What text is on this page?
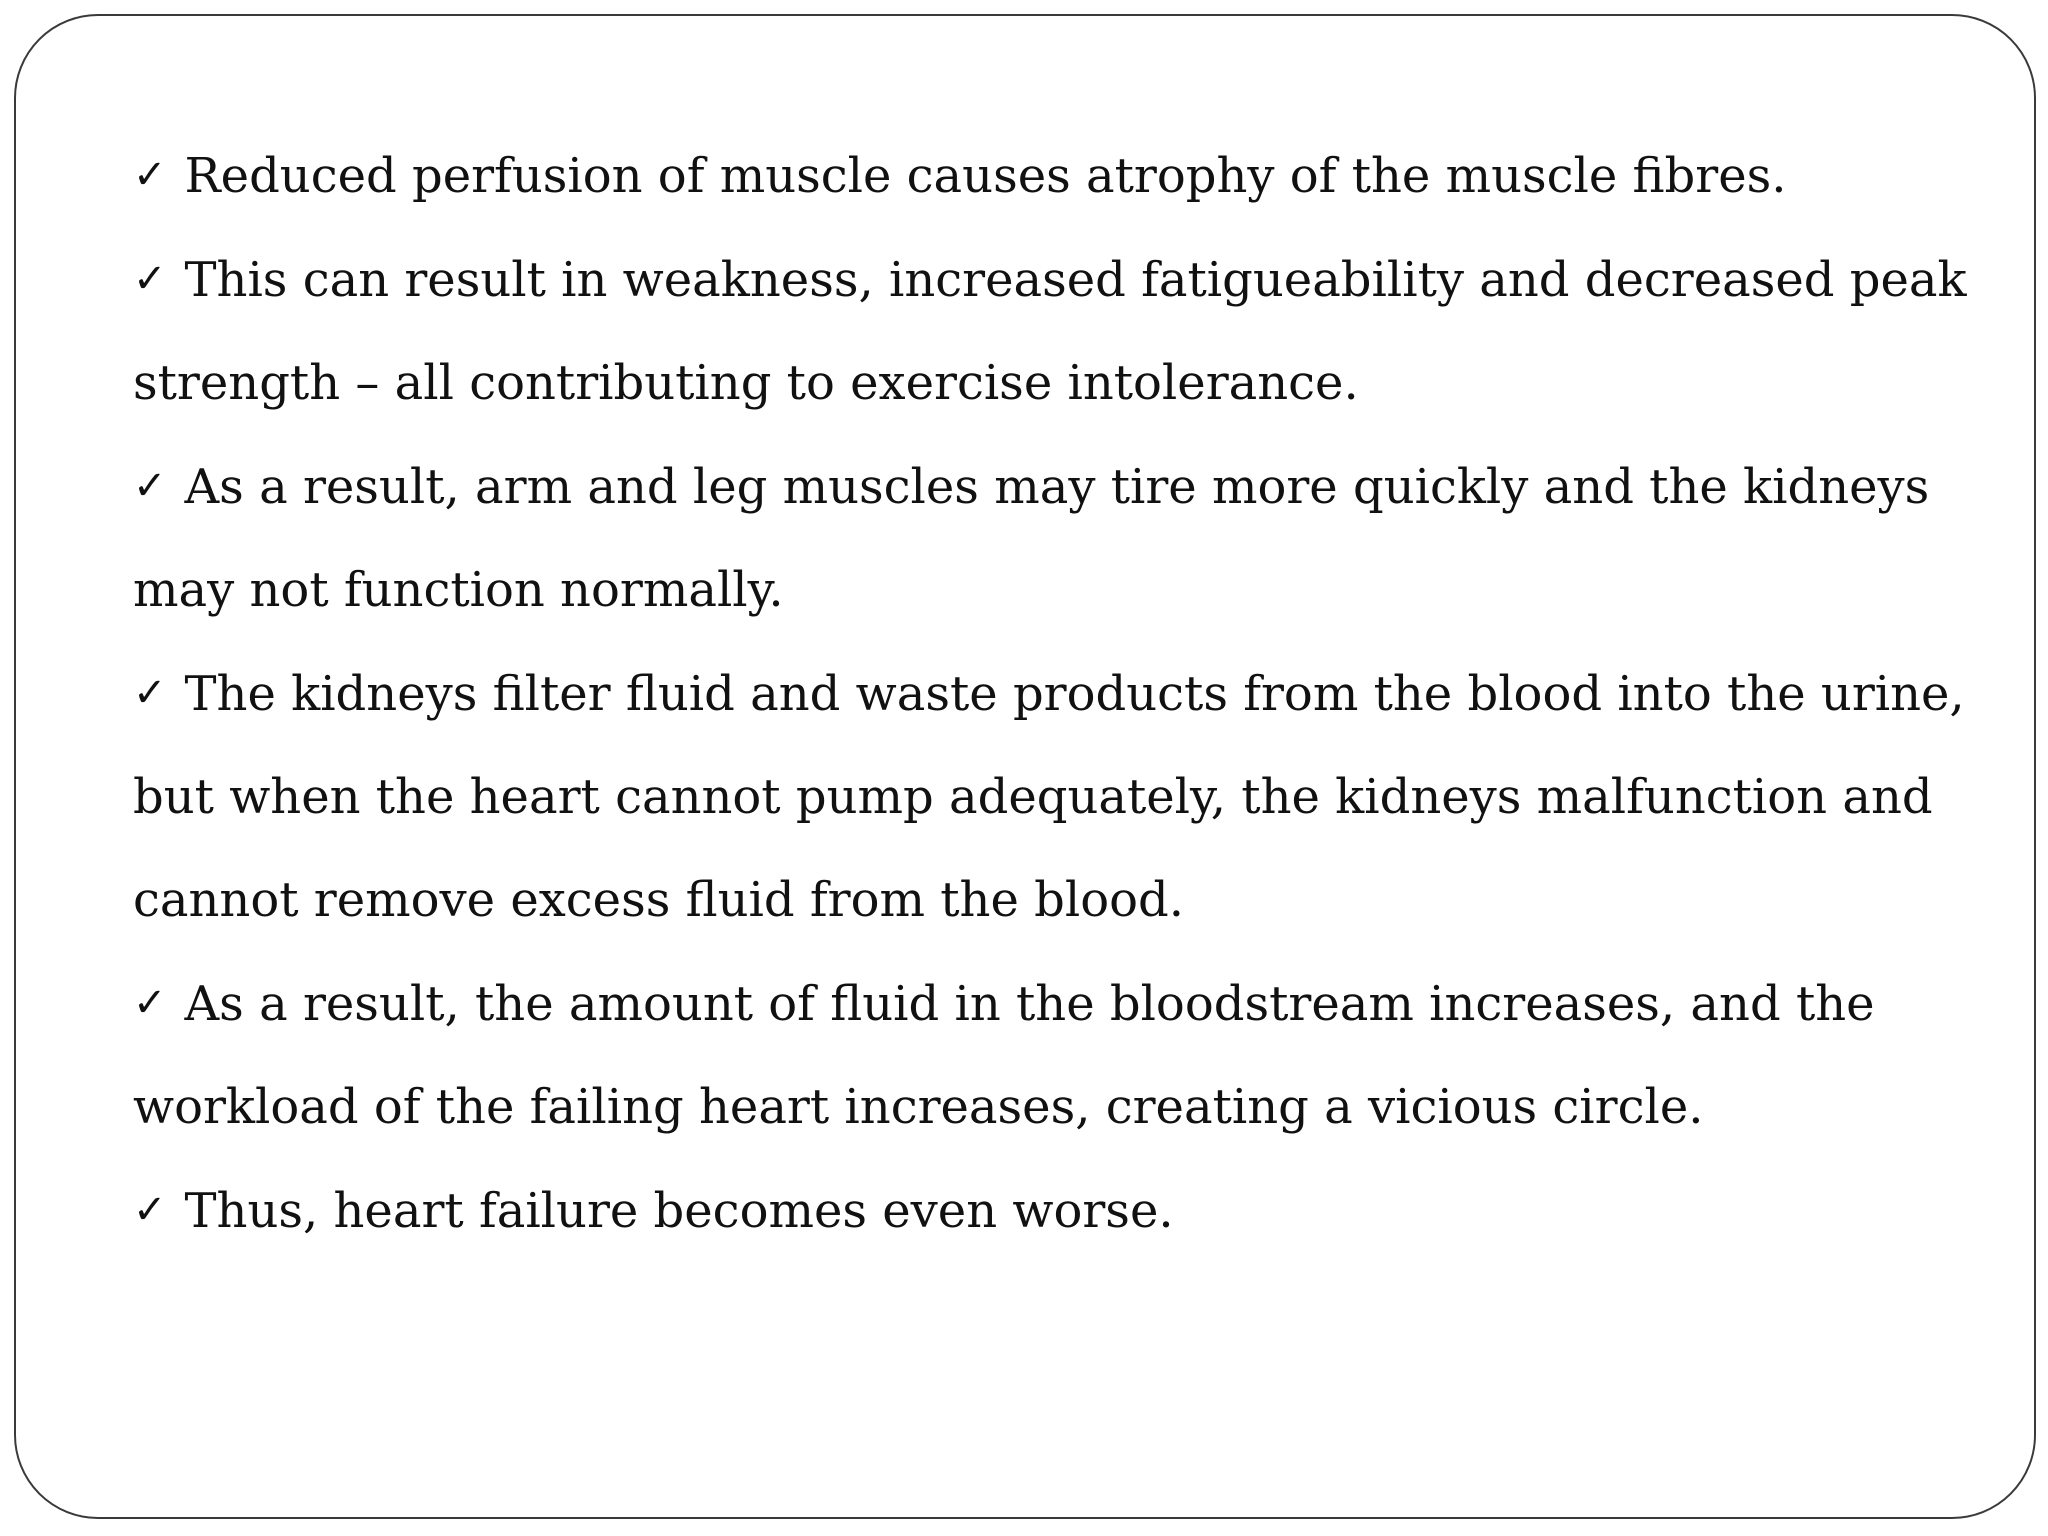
✓ Reduced perfusion of muscle causes atrophy of the muscle fibres.
✓ This can result in weakness, increased fatigueability and decreased peak
strength – all contributing to exercise intolerance.
✓ As a result, arm and leg muscles may tire more quickly and the kidneys
may not function normally.
✓ The kidneys filter fluid and waste products from the blood into the urine,
but when the heart cannot pump adequately, the kidneys malfunction and
cannot remove excess fluid from the blood.
✓ As a result, the amount of fluid in the bloodstream increases, and the
workload of the failing heart increases, creating a vicious circle.
✓ Thus, heart failure becomes even worse.
